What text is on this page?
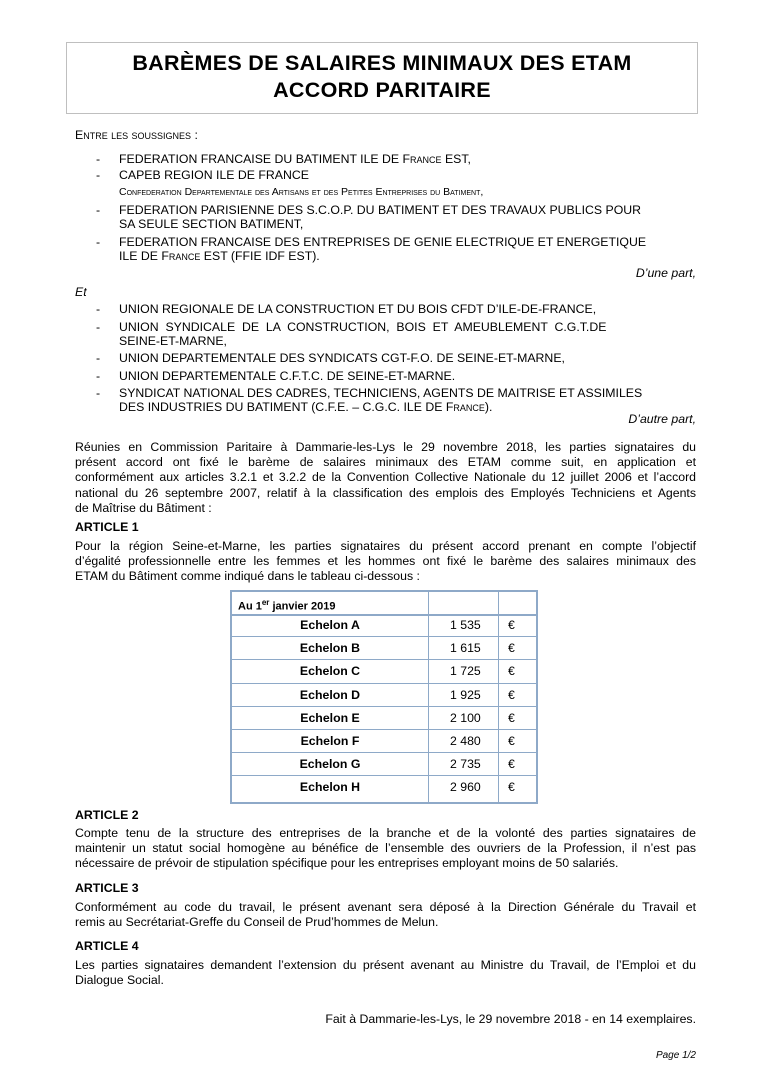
BARÈMES DE SALAIRES MINIMAUX DES ETAM
ACCORD PARITAIRE
Entre les soussignes :
- FEDERATION FRANCAISE DU BATIMENT ILE DE France EST,
- CAPEB REGION ILE DE FRANCE
Confederation Departementale des Artisans et des Petites Entreprises du Batiment,
- FEDERATION PARISIENNE DES S.C.O.P. DU BATIMENT ET DES TRAVAUX PUBLICS POUR
SA SEULE SECTION BATIMENT,
- FEDERATION FRANCAISE DES ENTREPRISES DE GENIE ELECTRIQUE ET ENERGETIQUE
ILE DE France EST (FFIE IDF EST).
D’une part,
Et
- UNION REGIONALE DE LA CONSTRUCTION ET DU BOIS CFDT D’ILE-DE-FRANCE,
- UNION  SYNDICALE  DE  LA  CONSTRUCTION,  BOIS  ET  AMEUBLEMENT  C.G.T.DE
SEINE-ET-MARNE,
- UNION DEPARTEMENTALE DES SYNDICATS CGT-F.O. DE SEINE-ET-MARNE,
- UNION DEPARTEMENTALE C.F.T.C. DE SEINE-ET-MARNE.
- SYNDICAT NATIONAL DES CADRES, TECHNICIENS, AGENTS DE MAITRISE ET ASSIMILES
DES INDUSTRIES DU BATIMENT (C.F.E. – C.G.C. ILE DE France).
D’autre part,
Réunies en Commission Paritaire à Dammarie-les-Lys le 29 novembre 2018, les parties signataires du
présent accord ont fixé le barème de salaires minimaux des ETAM comme suit, en application et
conformément aux articles 3.2.1 et 3.2.2 de la Convention Collective Nationale du 12 juillet 2006 et l’accord
national du 26 septembre 2007, relatif à la classification des emplois des Employés Techniciens et Agents
de Maîtrise du Bâtiment :
ARTICLE 1
Pour la région Seine-et-Marne, les parties signataires du présent accord prenant en compte l’objectif
d’égalité professionnelle entre les femmes et les hommes ont fixé le barème des salaires minimaux des
ETAM du Bâtiment comme indiqué dans le tableau ci-dessous :
Au 1er janvier 2019
Echelon A	1 535 €
Echelon B	1 615 €
Echelon C	1 725 €
Echelon D	1 925 €
Echelon E	2 100 €
Echelon F	2 480 €
Echelon G	2 735 €
Echelon H	2 960 €
ARTICLE 2
Compte tenu de la structure des entreprises de la branche et de la volonté des parties signataires de
maintenir un statut social homogène au bénéfice de l’ensemble des ouvriers de la Profession, il n’est pas
nécessaire de prévoir de stipulation spécifique pour les entreprises employant moins de 50 salariés.
ARTICLE 3
Conformément au code du travail, le présent avenant sera déposé à la Direction Générale du Travail et
remis au Secrétariat-Greffe du Conseil de Prud’hommes de Melun.
ARTICLE 4
Les parties signataires demandent l’extension du présent avenant au Ministre du Travail, de l’Emploi et du
Dialogue Social.
Fait à Dammarie-les-Lys, le 29 novembre 2018 - en 14 exemplaires.
Page 1/2
